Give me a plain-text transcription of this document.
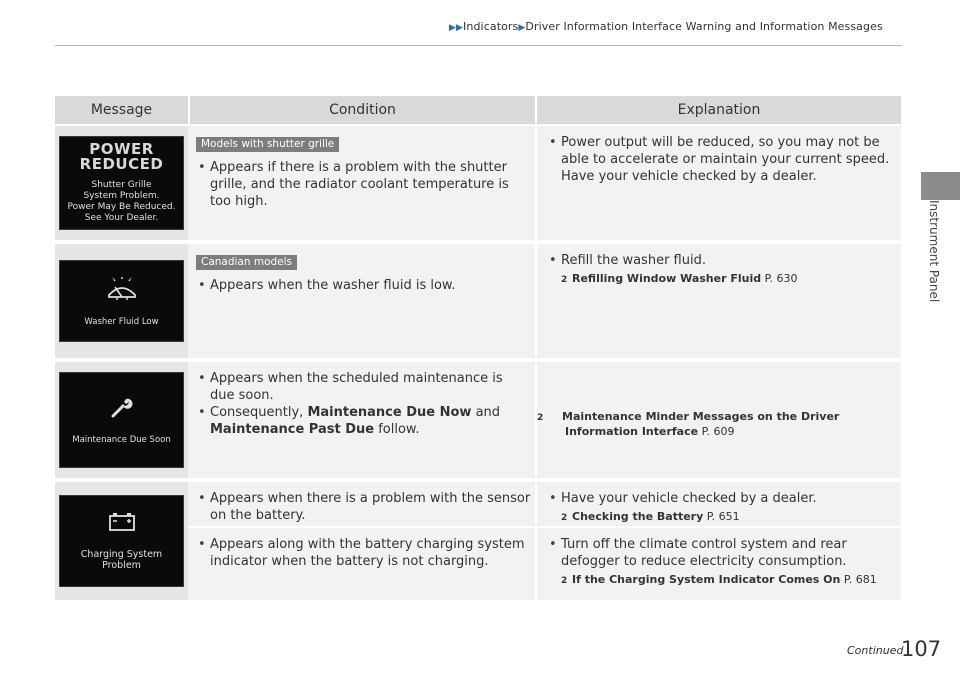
▶▶Indicators▶Driver Information Interface Warning and Information Messages
Instrument Panel
Message	Condition	Explanation
POWER
REDUCED
Shutter Grille
System Problem.
Power May Be Reduced.
See Your Dealer.
Models with shutter grille
• Appears if there is a problem with the shutter grille, and the radiator coolant temperature is too high.
• Power output will be reduced, so you may not be able to accelerate or maintain your current speed. Have your vehicle checked by a dealer.
Washer Fluid Low
Canadian models
• Appears when the washer fluid is low.
• Refill the washer fluid.
2 Refilling Window Washer Fluid P. 630
Maintenance Due Soon
• Appears when the scheduled maintenance is due soon.
• Consequently, Maintenance Due Now and Maintenance Past Due follow.
2 Maintenance Minder Messages on the Driver Information Interface P. 609
Charging System Problem
• Appears when there is a problem with the sensor on the battery.
• Have your vehicle checked by a dealer.
2 Checking the Battery P. 651
• Appears along with the battery charging system indicator when the battery is not charging.
• Turn off the climate control system and rear defogger to reduce electricity consumption.
2 If the Charging System Indicator Comes On P. 681
Continued
107
